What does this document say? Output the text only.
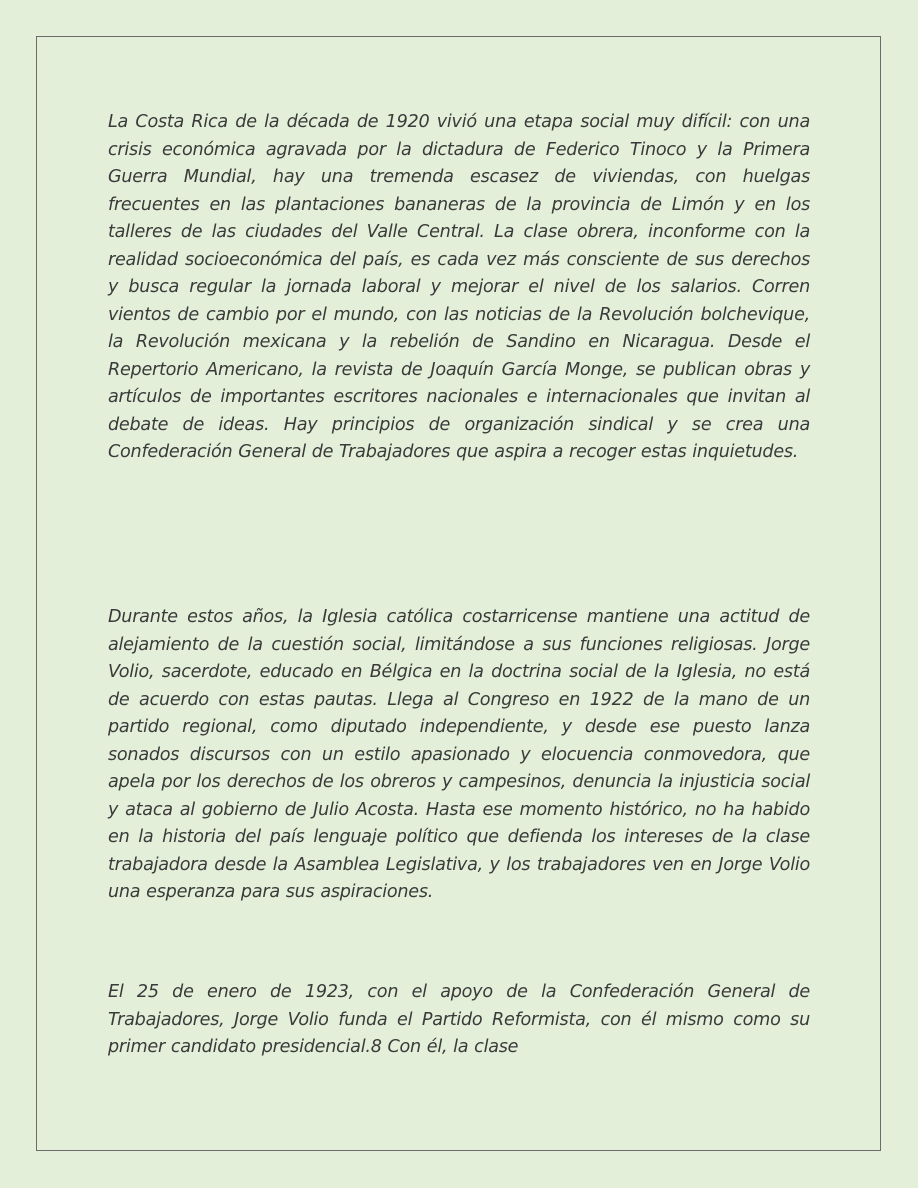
La Costa Rica de la década de 1920 vivió una etapa social muy difícil: con una crisis económica agravada por la dictadura de Federico Tinoco y la Primera Guerra Mundial, hay una tremenda escasez de viviendas, con huelgas frecuentes en las plantaciones bananeras de la provincia de Limón y en los talleres de las ciudades del Valle Central. La clase obrera, inconforme con la realidad socioeconómica del país, es cada vez más consciente de sus derechos y busca regular la jornada laboral y mejorar el nivel de los salarios. Corren vientos de cambio por el mundo, con las noticias de la Revolución bolchevique, la Revolución mexicana y la rebelión de Sandino en Nicaragua. Desde el Repertorio Americano, la revista de Joaquín García Monge, se publican obras y artículos de importantes escritores nacionales e internacionales que invitan al debate de ideas. Hay principios de organización sindical y se crea una Confederación General de Trabajadores que aspira a recoger estas inquietudes.

Durante estos años, la Iglesia católica costarricense mantiene una actitud de alejamiento de la cuestión social, limitándose a sus funciones religiosas. Jorge Volio, sacerdote, educado en Bélgica en la doctrina social de la Iglesia, no está de acuerdo con estas pautas. Llega al Congreso en 1922 de la mano de un partido regional, como diputado independiente, y desde ese puesto lanza sonados discursos con un estilo apasionado y elocuencia conmovedora, que apela por los derechos de los obreros y campesinos, denuncia la injusticia social y ataca al gobierno de Julio Acosta. Hasta ese momento histórico, no ha habido en la historia del país lenguaje político que defienda los intereses de la clase trabajadora desde la Asamblea Legislativa, y los trabajadores ven en Jorge Volio una esperanza para sus aspiraciones.

El 25 de enero de 1923, con el apoyo de la Confederación General de Trabajadores, Jorge Volio funda el Partido Reformista, con él mismo como su primer candidato presidencial.8 Con él, la clase
